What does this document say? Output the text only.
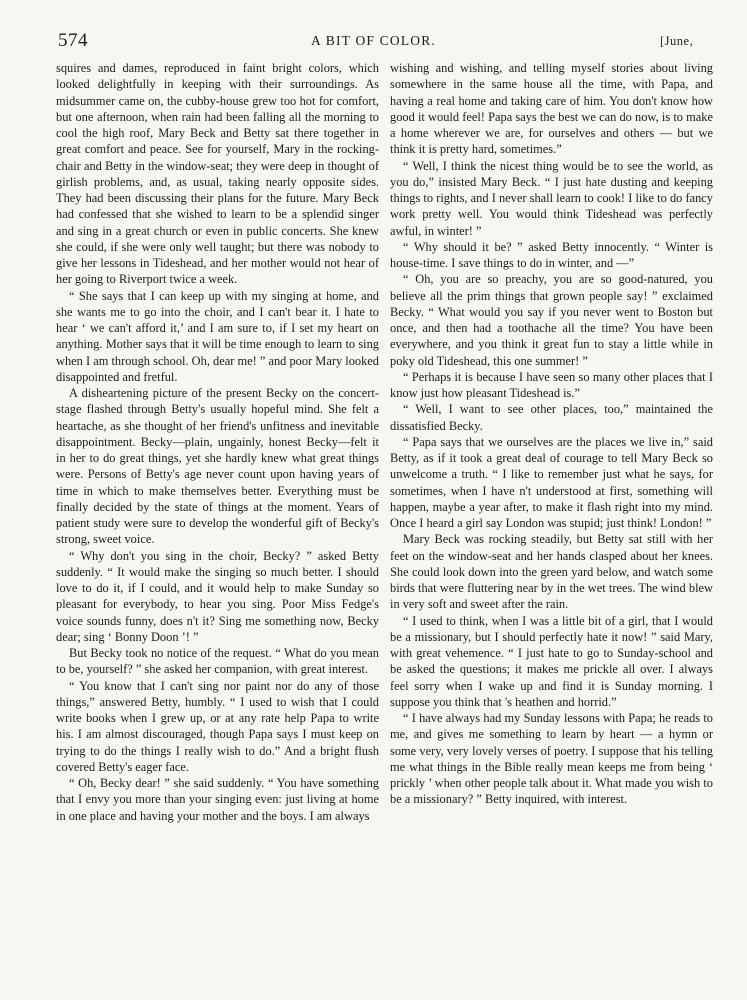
574	A BIT OF COLOR.	[June,

squires and dames, reproduced in faint bright colors, which looked delightfully in keeping with their surroundings. As midsummer came on, the cubby-house grew too hot for comfort, but one afternoon, when rain had been falling all the morning to cool the high roof, Mary Beck and Betty sat there together in great comfort and peace. See for yourself, Mary in the rocking-chair and Betty in the window-seat; they were deep in thought of girlish problems, and, as usual, taking nearly opposite sides. They had been discussing their plans for the future. Mary Beck had confessed that she wished to learn to be a splendid singer and sing in a great church or even in public concerts. She knew she could, if she were only well taught; but there was nobody to give her lessons in Tideshead, and her mother would not hear of her going to Riverport twice a week.

“ She says that I can keep up with my singing at home, and she wants me to go into the choir, and I can't bear it. I hate to hear ‘ we can't afford it,’ and I am sure to, if I set my heart on anything. Mother says that it will be time enough to learn to sing when I am through school. Oh, dear me! ” and poor Mary looked disappointed and fretful.

A disheartening picture of the present Becky on the concert-stage flashed through Betty's usually hopeful mind. She felt a heartache, as she thought of her friend's unfitness and inevitable disappointment. Becky—plain, ungainly, honest Becky—felt it in her to do great things, yet she hardly knew what great things were. Persons of Betty's age never count upon having years of time in which to make themselves better. Everything must be finally decided by the state of things at the moment. Years of patient study were sure to develop the wonderful gift of Becky's strong, sweet voice.

“ Why don't you sing in the choir, Becky? ” asked Betty suddenly. “ It would make the singing so much better. I should love to do it, if I could, and it would help to make Sunday so pleasant for everybody, to hear you sing. Poor Miss Fedge's voice sounds funny, does n't it? Sing me something now, Becky dear; sing ‘ Bonny Doon ’! ”

But Becky took no notice of the request. “ What do you mean to be, yourself? ” she asked her companion, with great interest.

“ You know that I can't sing nor paint nor do any of those things,” answered Betty, humbly. “ I used to wish that I could write books when I grew up, or at any rate help Papa to write his. I am almost discouraged, though Papa says I must keep on trying to do the things I really wish to do.” And a bright flush covered Betty's eager face.

“ Oh, Becky dear! ” she said suddenly. “ You have something that I envy you more than your singing even: just living at home in one place and having your mother and the boys. I am always

wishing and wishing, and telling myself stories about living somewhere in the same house all the time, with Papa, and having a real home and taking care of him. You don't know how good it would feel! Papa says the best we can do now, is to make a home wherever we are, for ourselves and others — but we think it is pretty hard, sometimes.”

“ Well, I think the nicest thing would be to see the world, as you do,” insisted Mary Beck. “ I just hate dusting and keeping things to rights, and I never shall learn to cook! I like to do fancy work pretty well. You would think Tideshead was perfectly awful, in winter! ”

“ Why should it be? ” asked Betty innocently. “ Winter is house-time. I save things to do in winter, and —”

“ Oh, you are so preachy, you are so good-natured, you believe all the prim things that grown people say! ” exclaimed Becky. “ What would you say if you never went to Boston but once, and then had a toothache all the time? You have been everywhere, and you think it great fun to stay a little while in poky old Tideshead, this one summer! ”

“ Perhaps it is because I have seen so many other places that I know just how pleasant Tideshead is.”

“ Well, I want to see other places, too,” maintained the dissatisfied Becky.

“ Papa says that we ourselves are the places we live in,” said Betty, as if it took a great deal of courage to tell Mary Beck so unwelcome a truth. “ I like to remember just what he says, for sometimes, when I have n't understood at first, something will happen, maybe a year after, to make it flash right into my mind. Once I heard a girl say London was stupid; just think! London! ”

Mary Beck was rocking steadily, but Betty sat still with her feet on the window-seat and her hands clasped about her knees. She could look down into the green yard below, and watch some birds that were fluttering near by in the wet trees. The wind blew in very soft and sweet after the rain.

“ I used to think, when I was a little bit of a girl, that I would be a missionary, but I should perfectly hate it now! ” said Mary, with great vehemence. “ I just hate to go to Sunday-school and be asked the questions; it makes me prickle all over. I always feel sorry when I wake up and find it is Sunday morning. I suppose you think that 's heathen and horrid.”

“ I have always had my Sunday lessons with Papa; he reads to me, and gives me something to learn by heart — a hymn or some very, very lovely verses of poetry. I suppose that his telling me what things in the Bible really mean keeps me from being ‘ prickly ’ when other people talk about it. What made you wish to be a missionary? ” Betty inquired, with interest.
